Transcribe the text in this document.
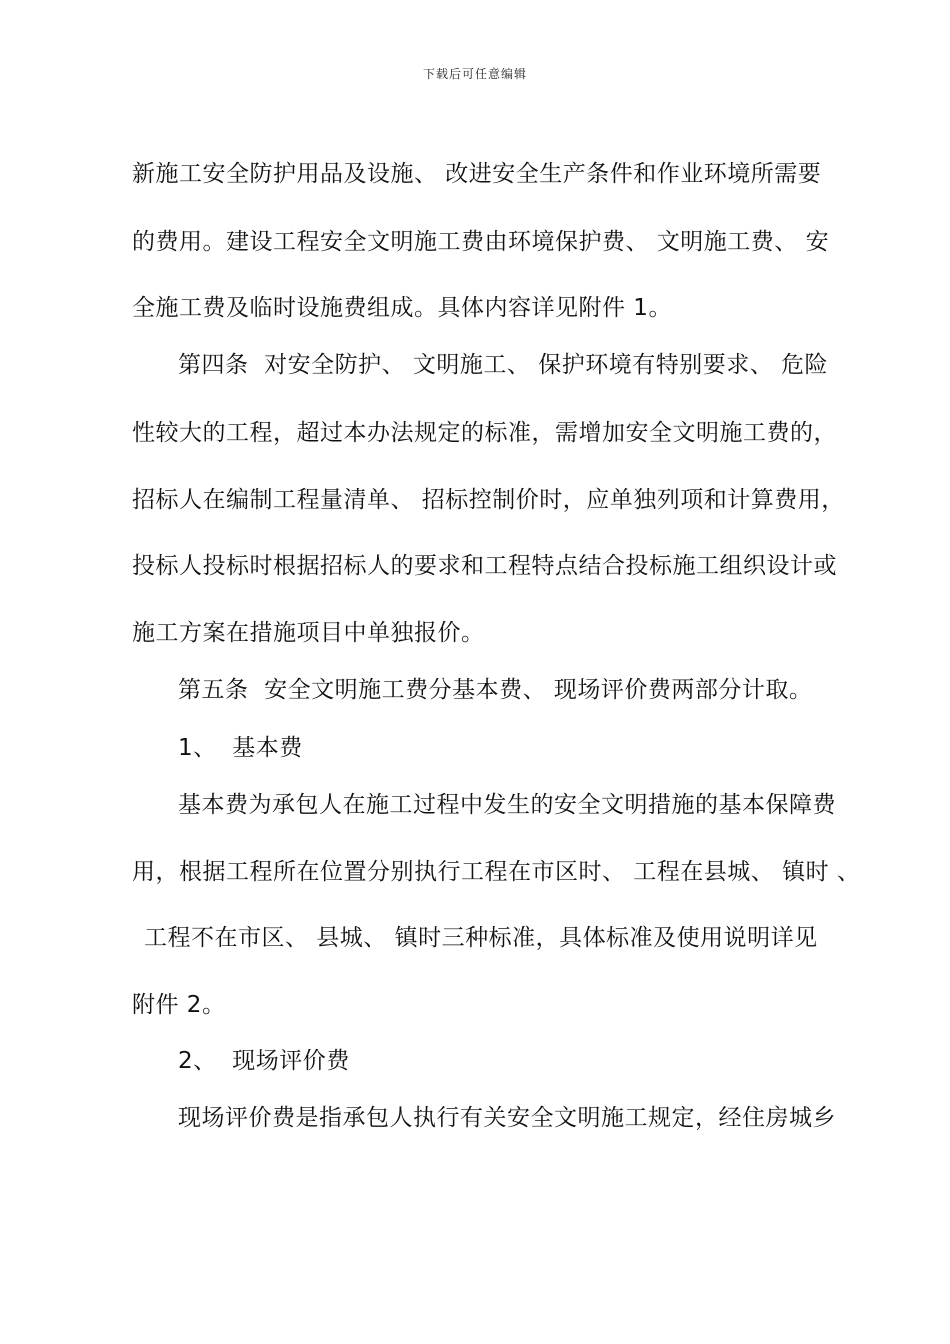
下载后可任意编辑
新施工安全防护用品及设施、 改进安全生产条件和作业环境所需要
的费用。建设工程安全文明施工费由环境保护费、 文明施工费、 安
全施工费及临时设施费组成。具体内容详见附件 1。
第四条  对安全防护、 文明施工、 保护环境有特别要求、 危险
性较大的工程，超过本办法规定的标准，需增加安全文明施工费的，
招标人在编制工程量清单、 招标控制价时，应单独列项和计算费用，
投标人投标时根据招标人的要求和工程特点结合投标施工组织设计或
施工方案在措施项目中单独报价。
第五条  安全文明施工费分基本费、 现场评价费两部分计取。
1、  基本费
基本费为承包人在施工过程中发生的安全文明措施的基本保障费
用，根据工程所在位置分别执行工程在市区时、 工程在县城、 镇时 、
工程不在市区、 县城、 镇时三种标准，具体标准及使用说明详见
附件 2。
2、  现场评价费
现场评价费是指承包人执行有关安全文明施工规定，经住房城乡
